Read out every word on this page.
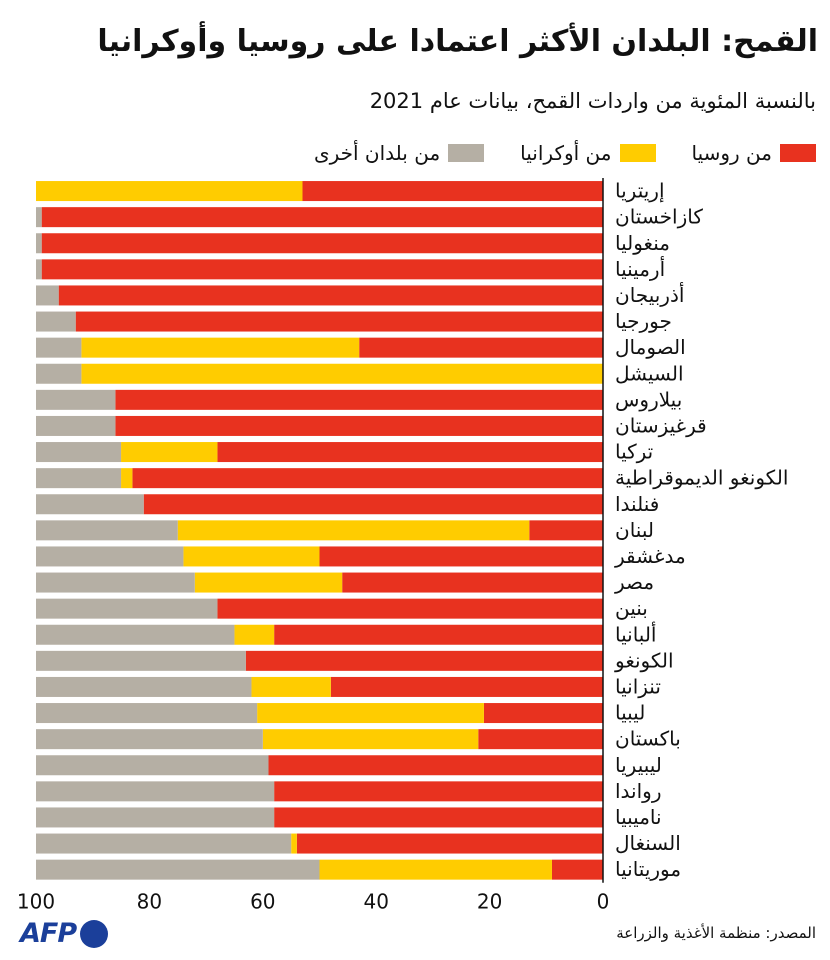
القمح: البلدان الأكثر اعتمادا على روسيا وأوكرانيا
بالنسبة المئوية من واردات القمح، بيانات عام 2021
من روسيا
من أوكرانيا
من بلدان أخرى
إريتريا
كازاخستان
منغوليا
أرمينيا
أذربيجان
جورجيا
الصومال
السيشل
بيلاروس
قرغيزستان
تركيا
الكونغو الديموقراطية
فنلندا
لبنان
مدغشقر
مصر
بنين
ألبانيا
الكونغو
تنزانيا
ليبيا
باكستان
ليبيريا
رواندا
ناميبيا
السنغال
موريتانيا
0
20
40
60
80
100
المصدر: منظمة الأغذية والزراعة
AFP
